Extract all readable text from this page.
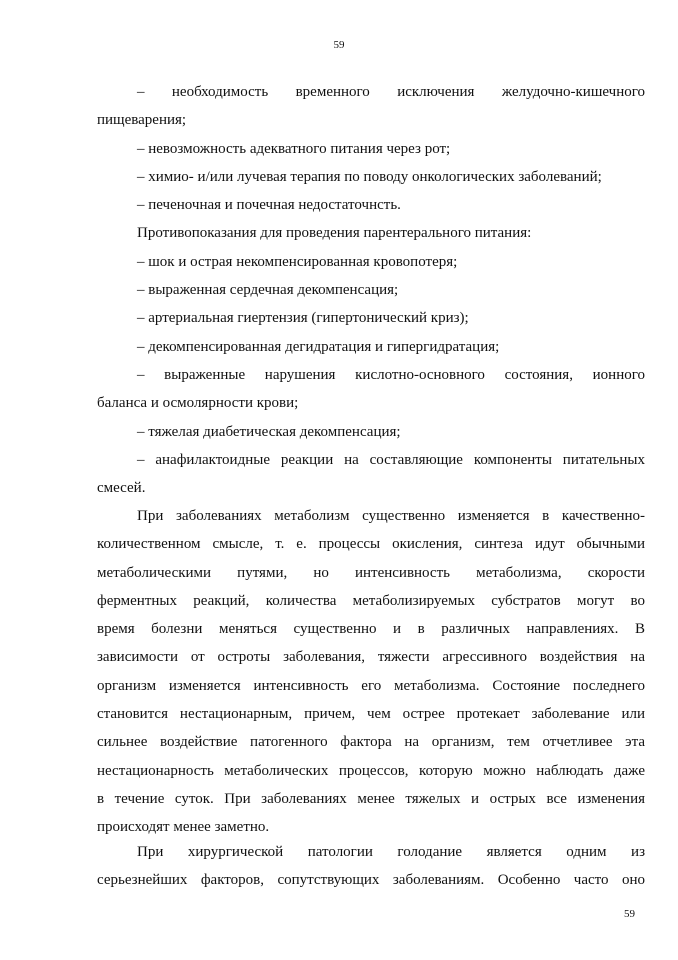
59
– необходимость временного исключения желудочно-кишечного
пищеварения;
– невозможность адекватного питания через рот;
– химио- и/или лучевая терапия по поводу онкологических заболеваний;
– печеночная и почечная недостаточнсть.
Противопоказания для проведения парентерального питания:
– шок и острая некомпенсированная кровопотеря;
– выраженная сердечная декомпенсация;
– артериальная гиертензия (гипертонический криз);
– декомпенсированная дегидратация и гипергидратация;
– выраженные нарушения кислотно-основного состояния, ионного
баланса и осмолярности крови;
– тяжелая диабетическая декомпенсация;
– анафилактоидные реакции на составляющие компоненты питательных
смесей.
При заболеваниях метаболизм существенно изменяется в качественно-
количественном смысле, т. е. процессы окисления, синтеза идут обычными
метаболическими путями, но интенсивность метаболизма, скорости
ферментных реакций, количества метаболизируемых субстратов могут во
время болезни меняться существенно и в различных направлениях. В
зависимости от остроты заболевания, тяжести агрессивного воздействия на
организм изменяется интенсивность его метаболизма. Состояние последнего
становится нестационарным, причем, чем острее протекает заболевание или
сильнее воздействие патогенного фактора на организм, тем отчетливее эта
нестационарность метаболических процессов, которую можно наблюдать даже
в течение суток. При заболеваниях менее тяжелых и острых все изменения
происходят менее заметно.
При хирургической патологии голодание является одним из
серьезнейших факторов, сопутствующих заболеваниям. Особенно часто оно
59
